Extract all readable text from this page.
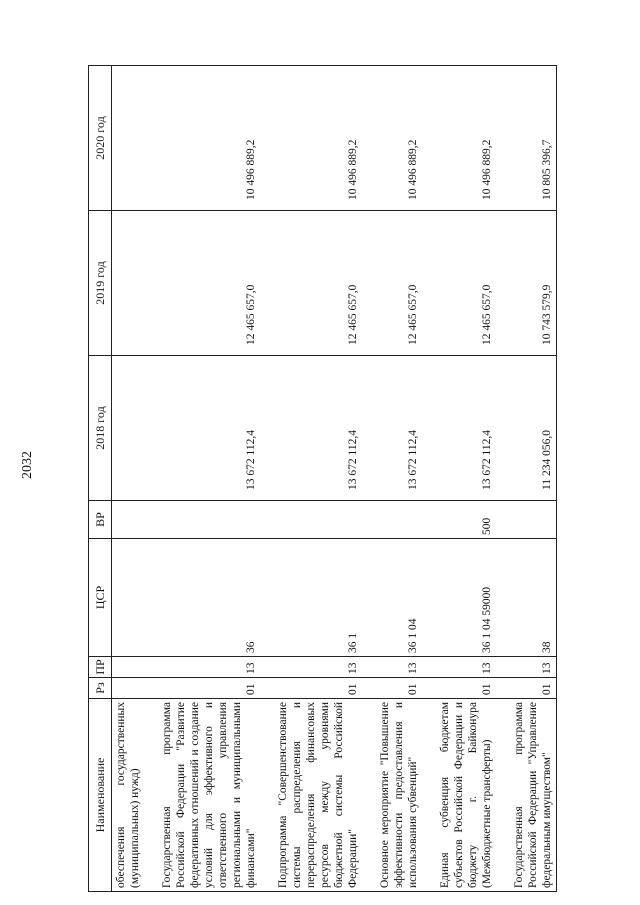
2032
Наименование	Рз	ПР	ЦСР	ВР	2018 год	2019 год	2020 год
обеспечения государственных (муниципальных) нужд)							

Государственная программа Российской Федерации "Развитие федеративных отношений и создание условий для эффективного и ответственного управления региональными и муниципальными финансами"	01	13	36		13 672 112,4	12 465 657,0	10 496 889,2

Подпрограмма "Совершенствование системы распределения и перераспределения финансовых ресурсов между уровнями бюджетной системы Российской Федерации"	01	13	36 1		13 672 112,4	12 465 657,0	10 496 889,2

Основное мероприятие "Повышение эффективности предоставления и использования субвенций"	01	13	36 1 04		13 672 112,4	12 465 657,0	10 496 889,2

Единая субвенция бюджетам субъектов Российской Федерации и бюджету г. Байконура (Межбюджетные трансферты)	01	13	36 1 04 59000	500	13 672 112,4	12 465 657,0	10 496 889,2

Государственная программа Российской Федерации "Управление федеральным имуществом"	01	13	38		11 234 056,0	10 743 579,9	10 805 396,7
